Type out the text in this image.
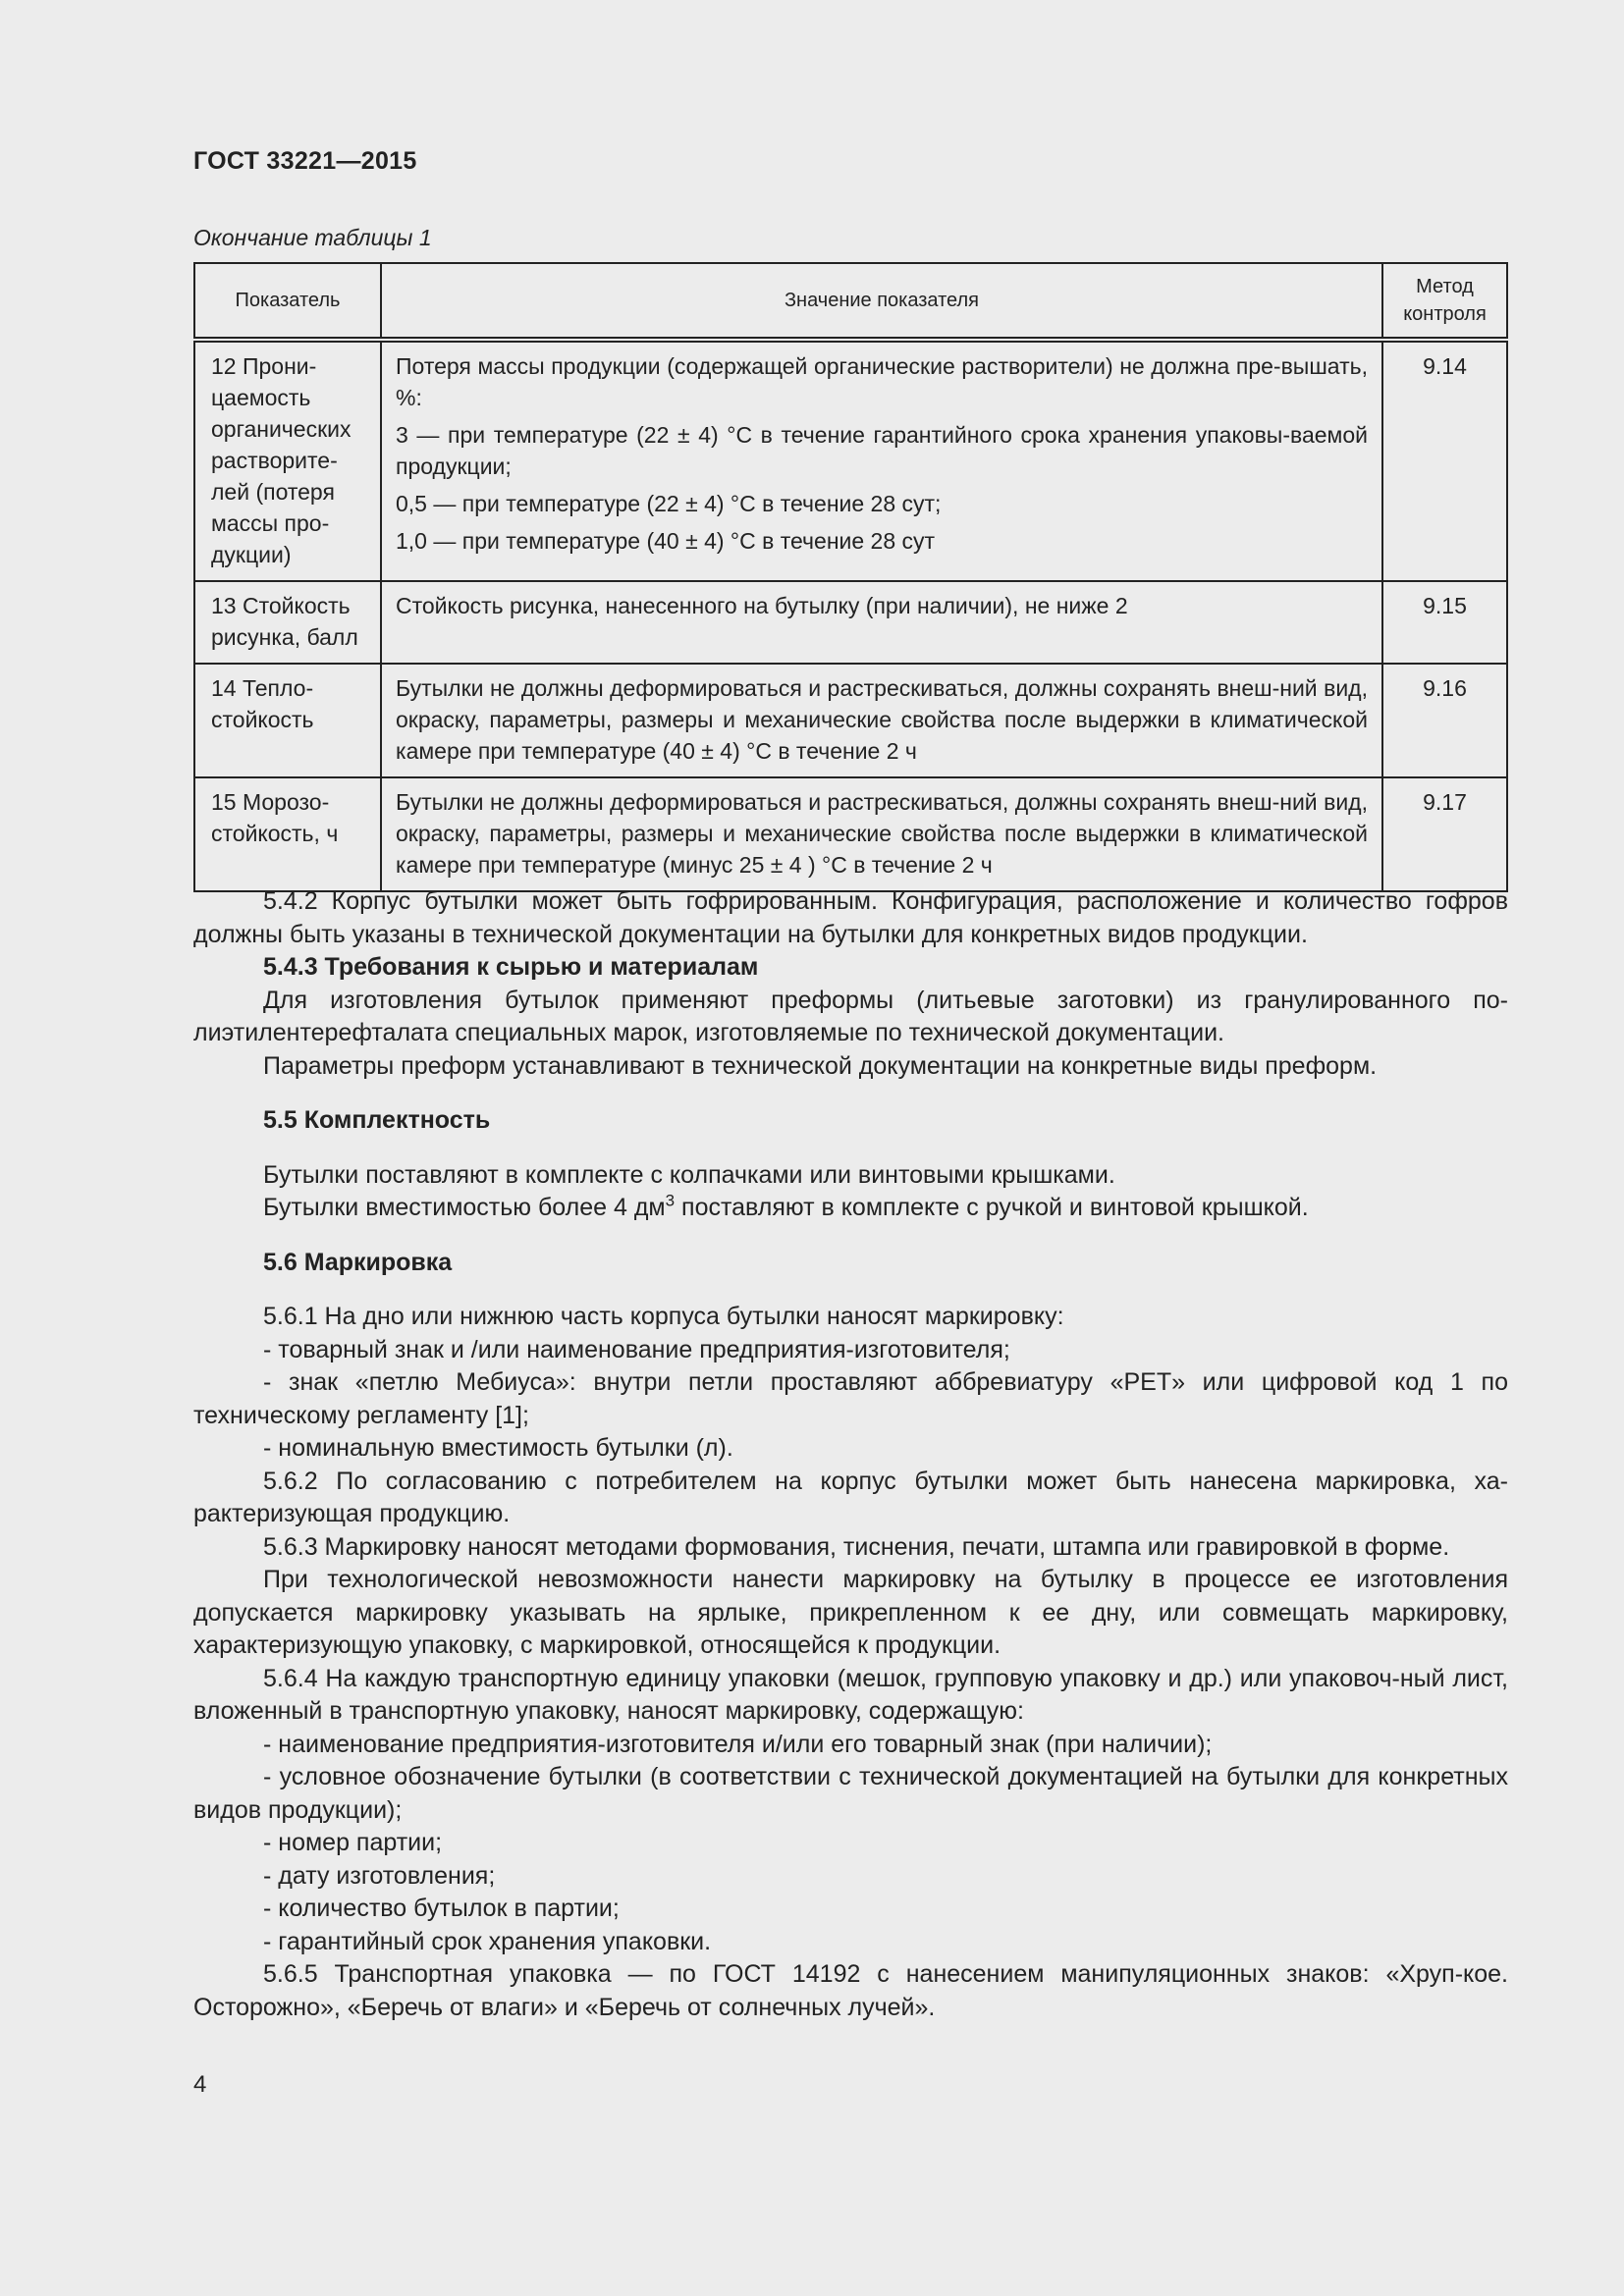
ГОСТ 33221—2015
Окончание таблицы 1
Показатель	Значение показателя	Метод контроля
12 Прони-цаемость органических растворите-лей (потеря массы про-дукции)	Потеря массы продукции (содержащей органические растворители) не должна пре-вышать, %:
3 — при температуре (22 ± 4) °С в течение гарантийного срока хранения упаковы-ваемой продукции;
0,5 — при температуре (22 ± 4) °С в течение 28 сут;
1,0 — при температуре (40 ± 4) °С в течение 28 сут	9.14
13 Стойкость рисунка, балл	Стойкость рисунка, нанесенного на бутылку (при наличии), не ниже 2	9.15
14 Тепло-стойкость	Бутылки не должны деформироваться и растрескиваться, должны сохранять внеш-ний вид, окраску, параметры, размеры и механические свойства после выдержки в климатической камере при температуре (40 ± 4) °С в течение 2 ч	9.16
15 Морозо-стойкость, ч	Бутылки не должны деформироваться и растрескиваться, должны сохранять внеш-ний вид, окраску, параметры, размеры и механические свойства после выдержки в климатической камере при температуре (минус 25 ± 4 ) °С в течение 2 ч	9.17

5.4.2 Корпус бутылки может быть гофрированным. Конфигурация, расположение и количество гофров должны быть указаны в технической документации на бутылки для конкретных видов продукции.

5.4.3 Требования к сырью и материалам

Для изготовления бутылок применяют преформы (литьевые заготовки) из гранулированного по-лиэтилентерефталата специальных марок, изготовляемые по технической документации.

Параметры преформ устанавливают в технической документации на конкретные виды преформ.

5.5 Комплектность

Бутылки поставляют в комплекте с колпачками или винтовыми крышками.

Бутылки вместимостью более 4 $дм^3$ поставляют в комплекте с ручкой и винтовой крышкой.

5.6 Маркировка

5.6.1 На дно или нижнюю часть корпуса бутылки наносят маркировку:

- товарный знак и /или наименование предприятия-изготовителя;

- знак «петлю Мебиуса»: внутри петли проставляют аббревиатуру «PET» или цифровой код 1 по техническому регламенту [1];

- номинальную вместимость бутылки (л).

5.6.2 По согласованию с потребителем на корпус бутылки может быть нанесена маркировка, ха-рактеризующая продукцию.

5.6.3 Маркировку наносят методами формования, тиснения, печати, штампа или гравировкой в форме.

При технологической невозможности нанести маркировку на бутылку в процессе ее изготовления допускается маркировку указывать на ярлыке, прикрепленном к ее дну, или совмещать маркировку, характеризующую упаковку, с маркировкой, относящейся к продукции.

5.6.4 На каждую транспортную единицу упаковки (мешок, групповую упаковку и др.) или упаковоч-ный лист, вложенный в транспортную упаковку, наносят маркировку, содержащую:

- наименование предприятия-изготовителя и/или его товарный знак (при наличии);

- условное обозначение бутылки (в соответствии с технической документацией на бутылки для конкретных видов продукции);

- номер партии;

- дату изготовления;

- количество бутылок в партии;

- гарантийный срок хранения упаковки.

5.6.5 Транспортная упаковка — по ГОСТ 14192 с нанесением манипуляционных знаков: «Хруп-кое. Осторожно», «Беречь от влаги» и «Беречь от солнечных лучей».

4
